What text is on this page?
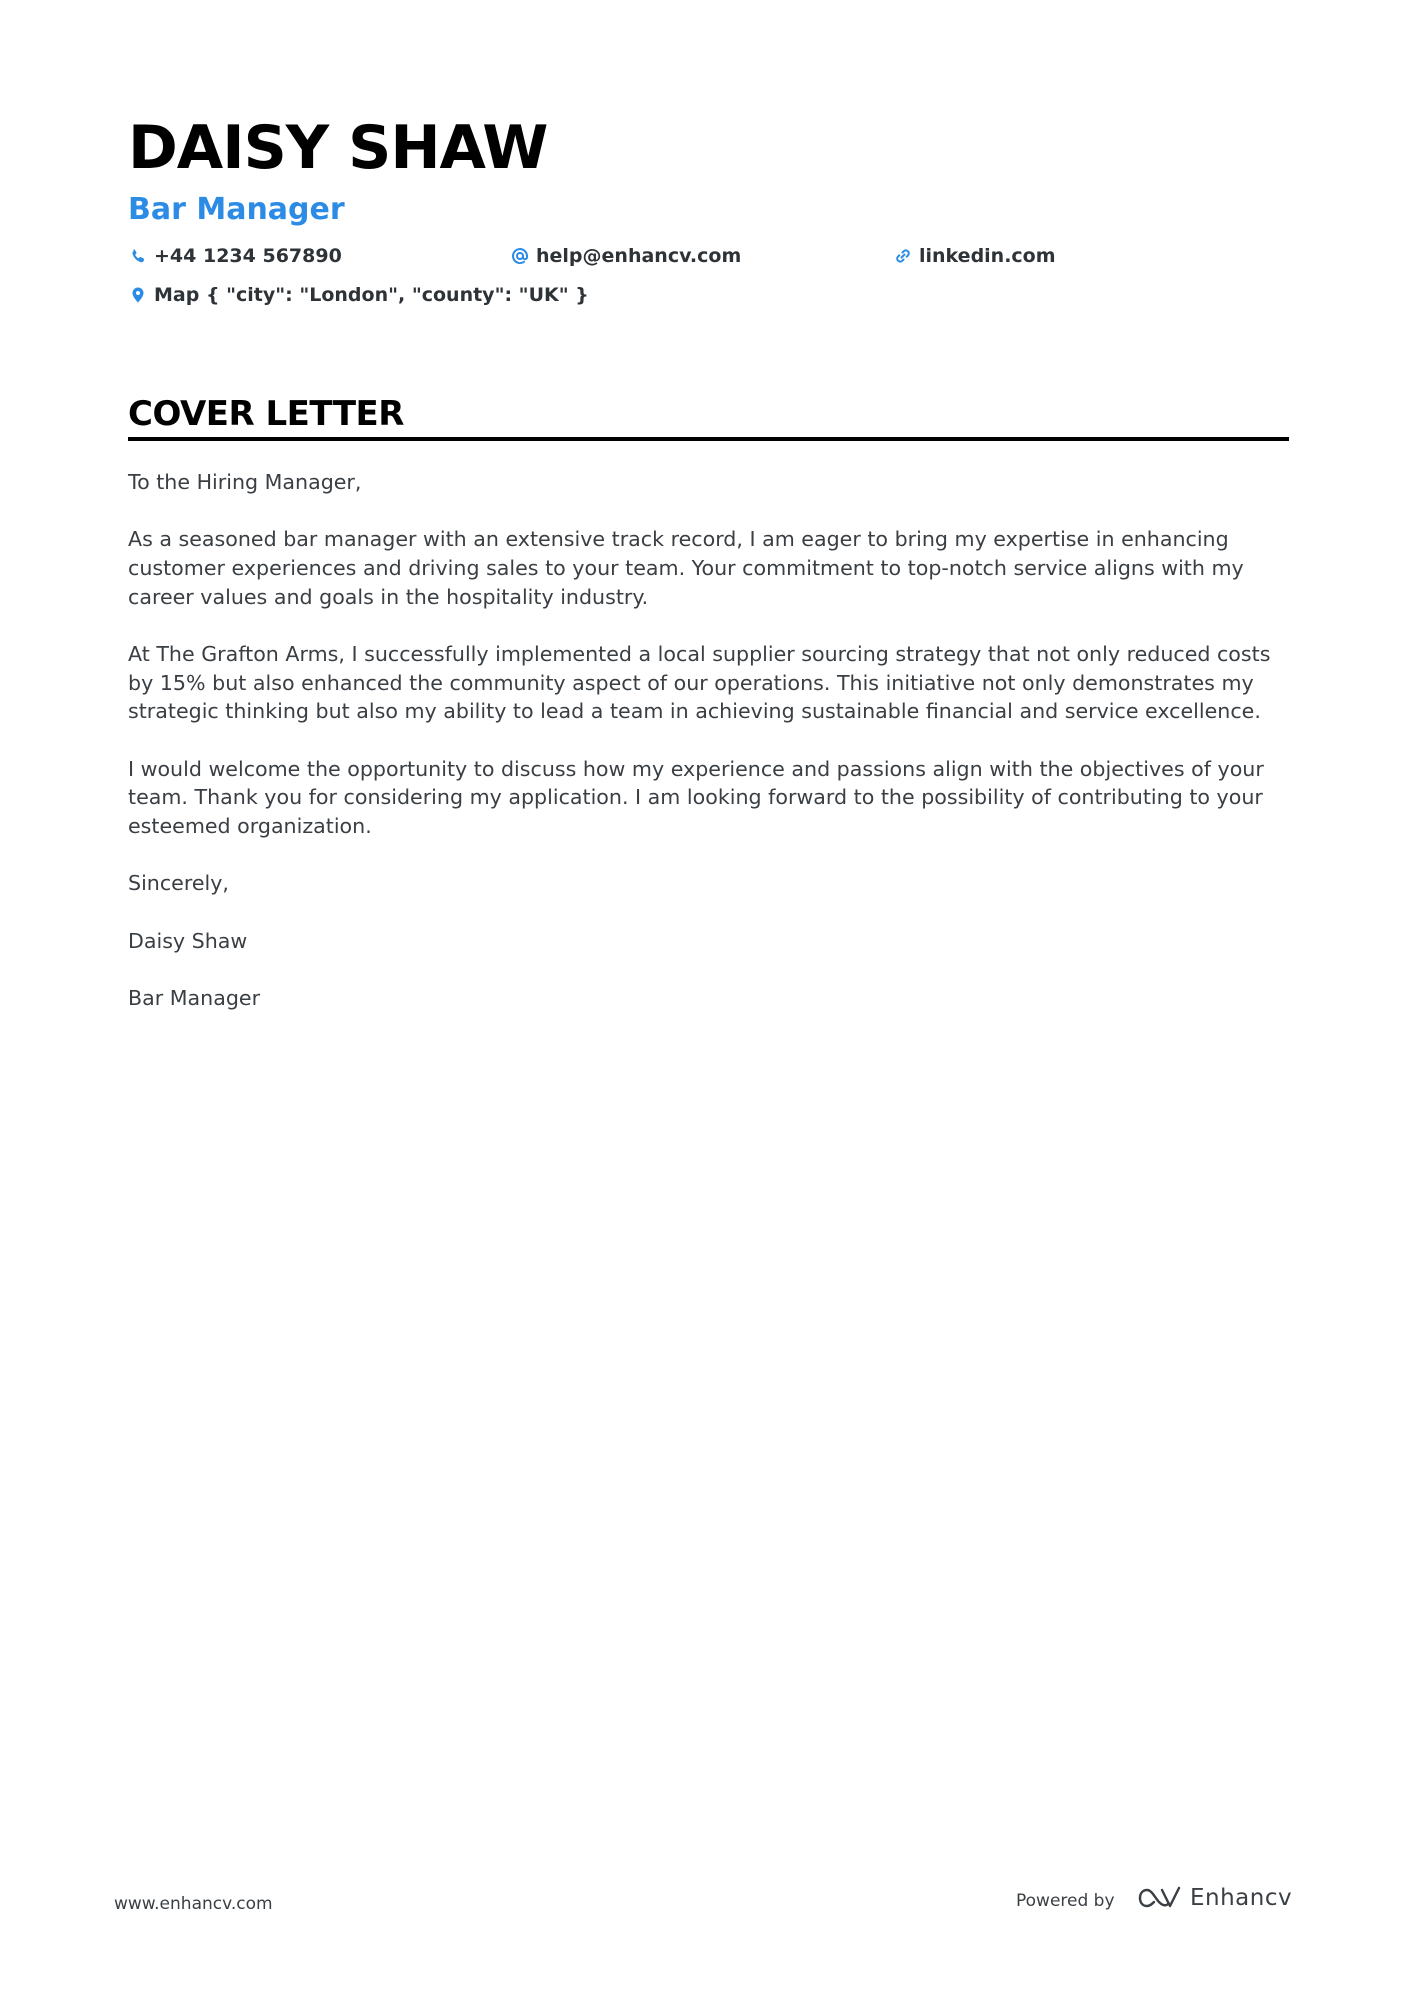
DAISY SHAW
Bar Manager
+44 1234 567890	help@enhancv.com	linkedin.com
Map { "city": "London", "county": "UK" }
COVER LETTER

To the Hiring Manager,

As a seasoned bar manager with an extensive track record, I am eager to bring my expertise in enhancing customer experiences and driving sales to your team. Your commitment to top-notch service aligns with my career values and goals in the hospitality industry.

At The Grafton Arms, I successfully implemented a local supplier sourcing strategy that not only reduced costs by 15% but also enhanced the community aspect of our operations. This initiative not only demonstrates my strategic thinking but also my ability to lead a team in achieving sustainable financial and service excellence.

I would welcome the opportunity to discuss how my experience and passions align with the objectives of your team. Thank you for considering my application. I am looking forward to the possibility of contributing to your esteemed organization.

Sincerely,

Daisy Shaw

Bar Manager

www.enhancv.com	Powered by	Enhancv
